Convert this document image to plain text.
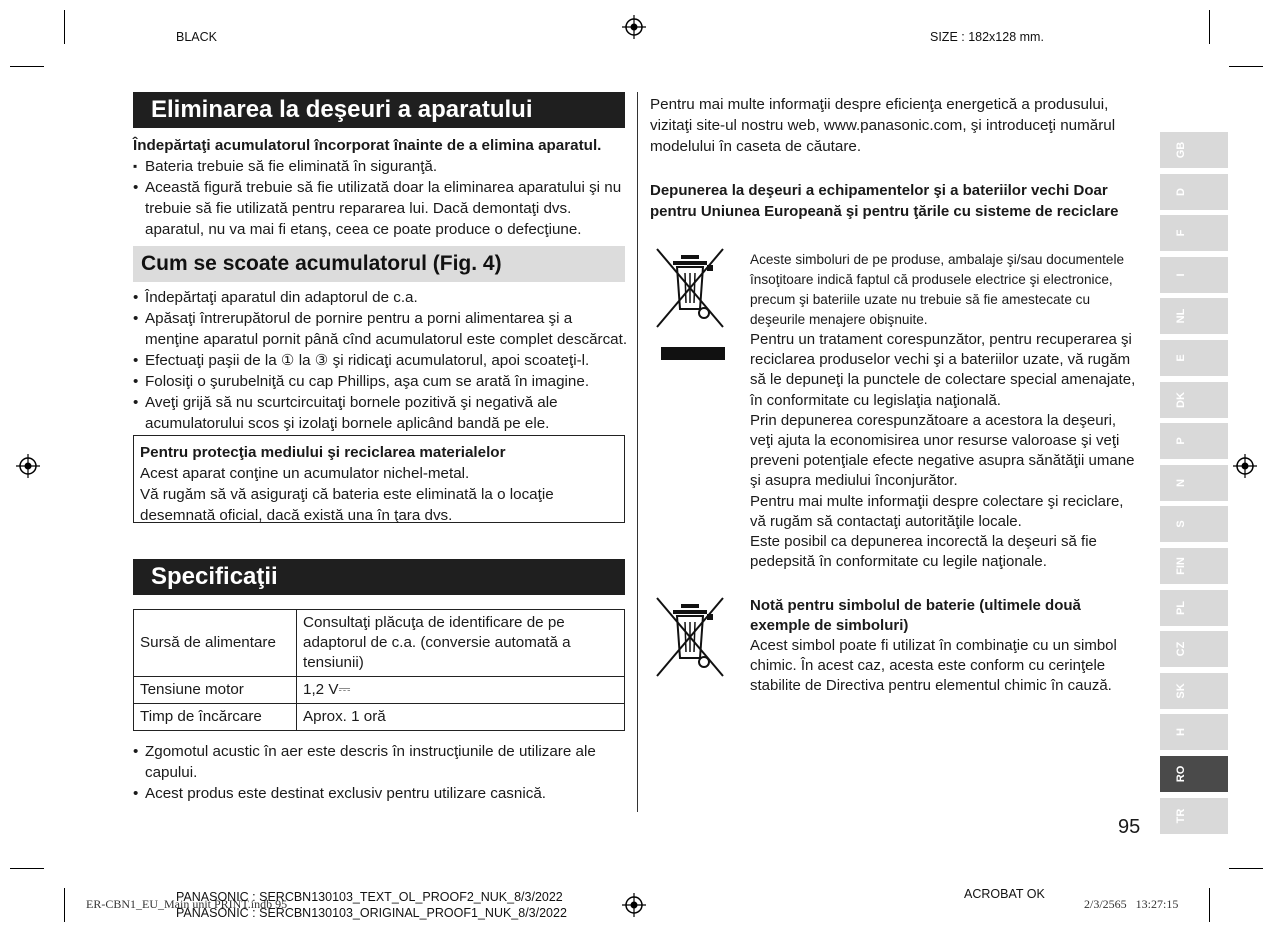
BLACK	SIZE : 182x128 mm.
Eliminarea la deşeuri a aparatului
Îndepărtaţi acumulatorul încorporat înainte de a elimina aparatul.
▪ Bateria trebuie să fie eliminată în siguranţă.
• Această figură trebuie să fie utilizată doar la eliminarea aparatului şi nu trebuie să fie utilizată pentru repararea lui. Dacă demontaţi dvs. aparatul, nu va mai fi etanş, ceea ce poate produce o defecţiune.
Cum se scoate acumulatorul (Fig. 4)
• Îndepărtaţi aparatul din adaptorul de c.a.
• Apăsaţi întrerupătorul de pornire pentru a porni alimentarea şi a menţine aparatul pornit până cînd acumulatorul este complet descărcat.
• Efectuaţi paşii de la ① la ③ şi ridicaţi acumulatorul, apoi scoateţi-l.
• Folosiţi o şurubelniţă cu cap Phillips, aşa cum se arată în imagine.
• Aveţi grijă să nu scurtcircuitaţi bornele pozitivă şi negativă ale acumulatorului scos şi izolaţi bornele aplicând bandă pe ele.
Pentru protecţia mediului şi reciclarea materialelor
Acest aparat conţine un acumulator nichel-metal.
Vă rugăm să vă asiguraţi că bateria este eliminată la o locaţie desemnată oficial, dacă există una în ţara dvs.
Specificaţii
Sursă de alimentare	Consultaţi plăcuţa de identificare de pe adaptorul de c.a. (conversie automată a tensiunii)
Tensiune motor	1,2 V⎓
Timp de încărcare	Aprox. 1 oră
• Zgomotul acustic în aer este descris în instrucţiunile de utilizare ale capului.
• Acest produs este destinat exclusiv pentru utilizare casnică.
Pentru mai multe informaţii despre eficienţa energetică a produsului, vizitaţi site-ul nostru web, www.panasonic.com, şi introduceţi numărul modelului în caseta de căutare.
Depunerea la deşeuri a echipamentelor şi a bateriilor vechi Doar pentru Uniunea Europeană şi pentru ţările cu sisteme de reciclare
Aceste simboluri de pe produse, ambalaje şi/sau documentele însoţitoare indică faptul că produsele electrice şi electronice, precum şi bateriile uzate nu trebuie să fie amestecate cu deşeurile menajere obişnuite.
Pentru un tratament corespunzător, pentru recuperarea şi reciclarea produselor vechi şi a bateriilor uzate, vă rugăm să le depuneţi la punctele de colectare special amenajate, în conformitate cu legislaţia naţională.
Prin depunerea corespunzătoare a acestora la deşeuri, veţi ajuta la economisirea unor resurse valoroase şi veţi preveni potenţiale efecte negative asupra sănătăţii umane şi asupra mediului înconjurător.
Pentru mai multe informaţii despre colectare şi reciclare, vă rugăm să contactaţi autorităţile locale.
Este posibil ca depunerea incorectă la deşeuri să fie pedepsită în conformitate cu legile naţionale.
Notă pentru simbolul de baterie (ultimele două exemple de simboluri)
Acest simbol poate fi utilizat în combinaţie cu un simbol chimic. În acest caz, acesta este conform cu cerinţele stabilite de Directiva pentru elementul chimic în cauză.
95
GB
D
F
I
NL
E
DK
P
N
S
FIN
PL
CZ
SK
H
RO
TR
ER-CBN1_EU_Main unit PRINT.indb 95
PANASONIC : SERCBN130103_TEXT_OL_PROOF2_NUK_8/3/2022
PANASONIC : SERCBN130103_ORIGINAL_PROOF1_NUK_8/3/2022
ACROBAT OK
2/3/2565   13:27:15
